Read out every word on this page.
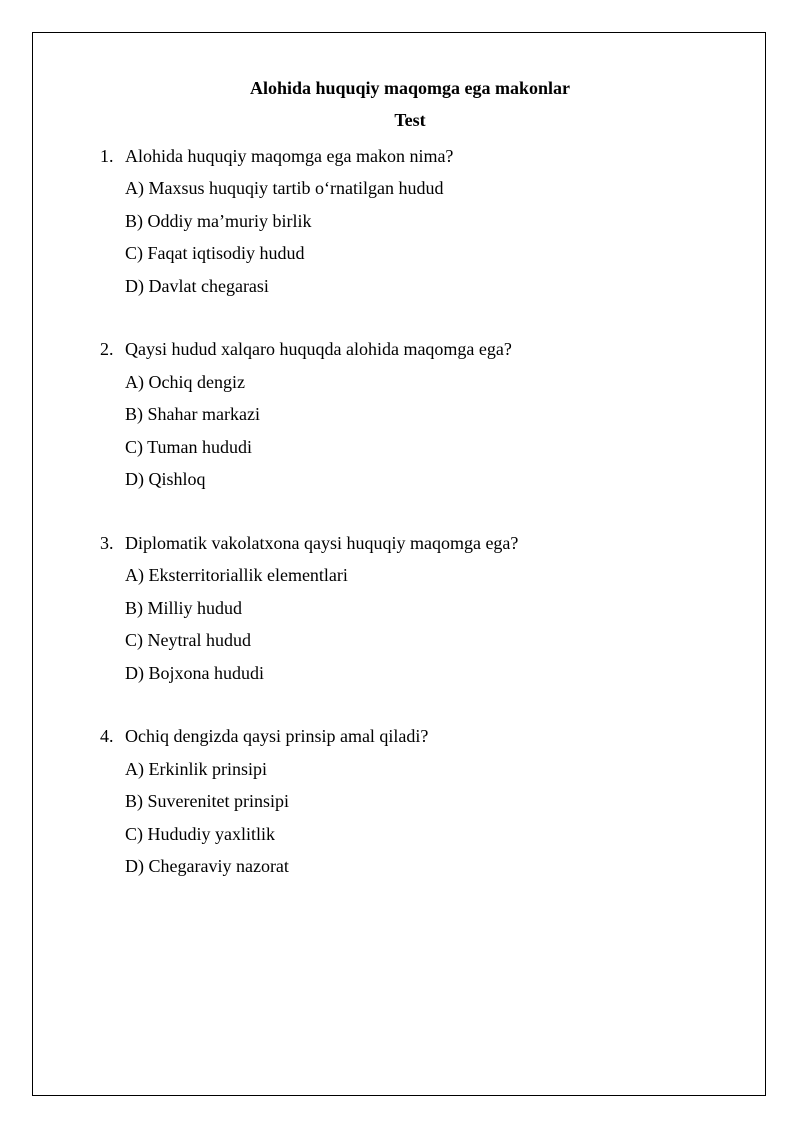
Alohida huquqiy maqomga ega makonlar
Test
1. Alohida huquqiy maqomga ega makon nima?
A) Maxsus huquqiy tartib o‘rnatilgan hudud
B) Oddiy ma’muriy birlik
C) Faqat iqtisodiy hudud
D) Davlat chegarasi
2. Qaysi hudud xalqaro huquqda alohida maqomga ega?
A) Ochiq dengiz
B) Shahar markazi
C) Tuman hududi
D) Qishloq
3. Diplomatik vakolatxona qaysi huquqiy maqomga ega?
A) Eksterritoriallik elementlari
B) Milliy hudud
C) Neytral hudud
D) Bojxona hududi
4. Ochiq dengizda qaysi prinsip amal qiladi?
A) Erkinlik prinsipi
B) Suverenitet prinsipi
C) Hududiy yaxlitlik
D) Chegaraviy nazorat
